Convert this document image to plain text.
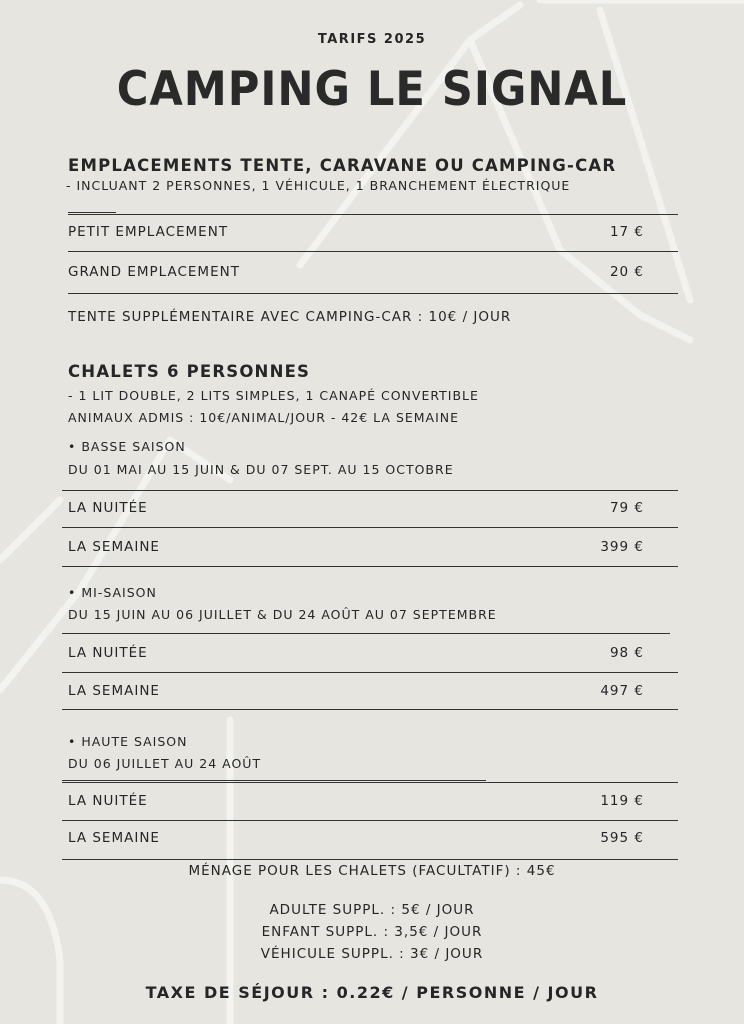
TARIFS 2025
CAMPING LE SIGNAL
EMPLACEMENTS TENTE, CARAVANE OU CAMPING-CAR
- INCLUANT 2 PERSONNES, 1 VÉHICULE, 1 BRANCHEMENT ÉLECTRIQUE
PETIT EMPLACEMENT	17 €
GRAND EMPLACEMENT	20 €
TENTE SUPPLÉMENTAIRE AVEC CAMPING-CAR : 10€ / JOUR
CHALETS 6 PERSONNES
- 1 LIT DOUBLE, 2 LITS SIMPLES, 1 CANAPÉ CONVERTIBLE
ANIMAUX ADMIS : 10€/ANIMAL/JOUR - 42€ LA SEMAINE
• BASSE SAISON
DU 01 MAI AU 15 JUIN & DU 07 SEPT. AU 15 OCTOBRE
LA NUITÉE	79 €
LA SEMAINE	399 €
• MI-SAISON
DU 15 JUIN AU 06 JUILLET & DU 24 AOÛT AU 07 SEPTEMBRE
LA NUITÉE	98 €
LA SEMAINE	497 €
• HAUTE SAISON
DU 06 JUILLET AU 24 AOÛT
LA NUITÉE	119 €
LA SEMAINE	595 €
MÉNAGE POUR LES CHALETS (FACULTATIF) : 45€
ADULTE SUPPL. : 5€ / JOUR
ENFANT SUPPL. : 3,5€ / JOUR
VÉHICULE SUPPL. : 3€ / JOUR
TAXE DE SÉJOUR : 0.22€ / PERSONNE / JOUR
